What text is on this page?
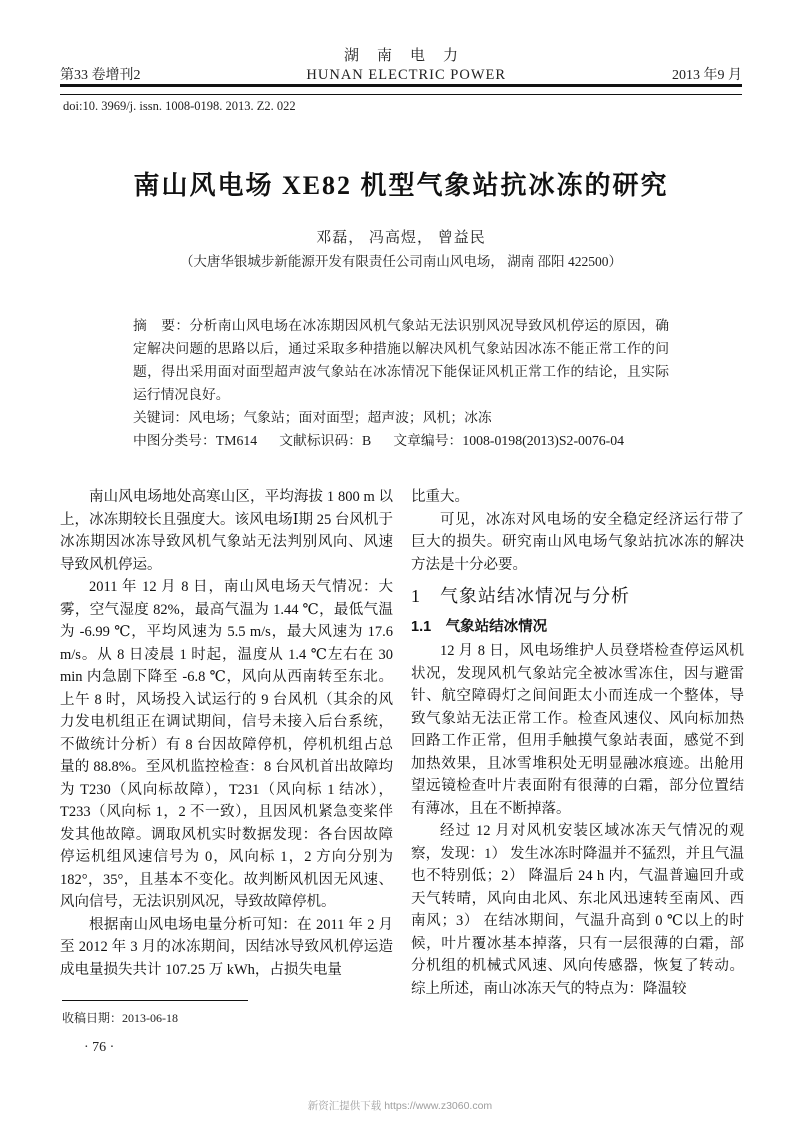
湖南电力
第33 卷增刊2	HUNAN ELECTRIC POWER	2013 年9 月
doi:10. 3969/j. issn. 1008-0198. 2013. Z2. 022
南山风电场 XE82 机型气象站抗冰冻的研究
邓磊， 冯高煜， 曾益民
（大唐华银城步新能源开发有限责任公司南山风电场， 湖南 邵阳 422500）

摘　要：分析南山风电场在冰冻期因风机气象站无法识别风况导致风机停运的原因，确定解决问题的思路以后，通过采取多种措施以解决风机气象站因冰冻不能正常工作的问题，得出采用面对面型超声波气象站在冰冻情况下能保证风机正常工作的结论，且实际运行情况良好。

关键词：风电场；气象站；面对面型；超声波；风机；冰冻

中图分类号：TM614 文献标识码：B 文章编号：1008-0198(2013)S2-0076-04

南山风电场地处高寒山区，平均海拔 1 800 m 以上，冰冻期较长且强度大。该风电场Ⅰ期 25 台风机于冰冻期因冰冻导致风机气象站无法判别风向、风速导致风机停运。

2011 年 12 月 8 日，南山风电场天气情况：大雾，空气湿度 82%，最高气温为 1.44 ℃，最低气温为 -6.99 ℃，平均风速为 5.5 m/s，最大风速为 17.6 m/s。从 8 日凌晨 1 时起，温度从 1.4 ℃左右在 30 min 内急剧下降至 -6.8 ℃，风向从西南转至东北。上午 8 时，风场投入试运行的 9 台风机（其余的风力发电机组正在调试期间，信号未接入后台系统，不做统计分析）有 8 台因故障停机，停机机组占总量的 88.8%。至风机监控检查：8 台风机首出故障均为 T230（风向标故障），T231（风向标 1 结冰），T233（风向标 1，2 不一致），且因风机紧急变桨伴发其他故障。调取风机实时数据发现：各台因故障停运机组风速信号为 0，风向标 1，2 方向分别为 182°，35°，且基本不变化。故判断风机因无风速、风向信号，无法识别风况，导致故障停机。

根据南山风电场电量分析可知：在 2011 年 2 月至 2012 年 3 月的冰冻期间，因结冰导致风机停运造成电量损失共计 107.25 万 kWh，占损失电量

比重大。

可见，冰冻对风电场的安全稳定经济运行带了巨大的损失。研究南山风电场气象站抗冰冻的解决方法是十分必要。

1　气象站结冰情况与分析
1.1　气象站结冰情况

12 月 8 日，风电场维护人员登塔检查停运风机状况，发现风机气象站完全被冰雪冻住，因与避雷针、航空障碍灯之间间距太小而连成一个整体，导致气象站无法正常工作。检查风速仪、风向标加热回路工作正常，但用手触摸气象站表面，感觉不到加热效果，且冰雪堆积处无明显融冰痕迹。出舱用望远镜检查叶片表面附有很薄的白霜，部分位置结有薄冰，且在不断掉落。

经过 12 月对风机安装区域冰冻天气情况的观察，发现：1） 发生冰冻时降温并不猛烈，并且气温也不特别低；2） 降温后 24 h 内，气温普遍回升或天气转晴，风向由北风、东北风迅速转至南风、西南风；3） 在结冰期间，气温升高到 0 ℃以上的时候，叶片覆冰基本掉落，只有一层很薄的白霜，部分机组的机械式风速、风向传感器，恢复了转动。综上所述，南山冰冻天气的特点为：降温较

收稿日期：2013-06-18
· 76 ·
新资汇提供下载 https://www.z3060.com
